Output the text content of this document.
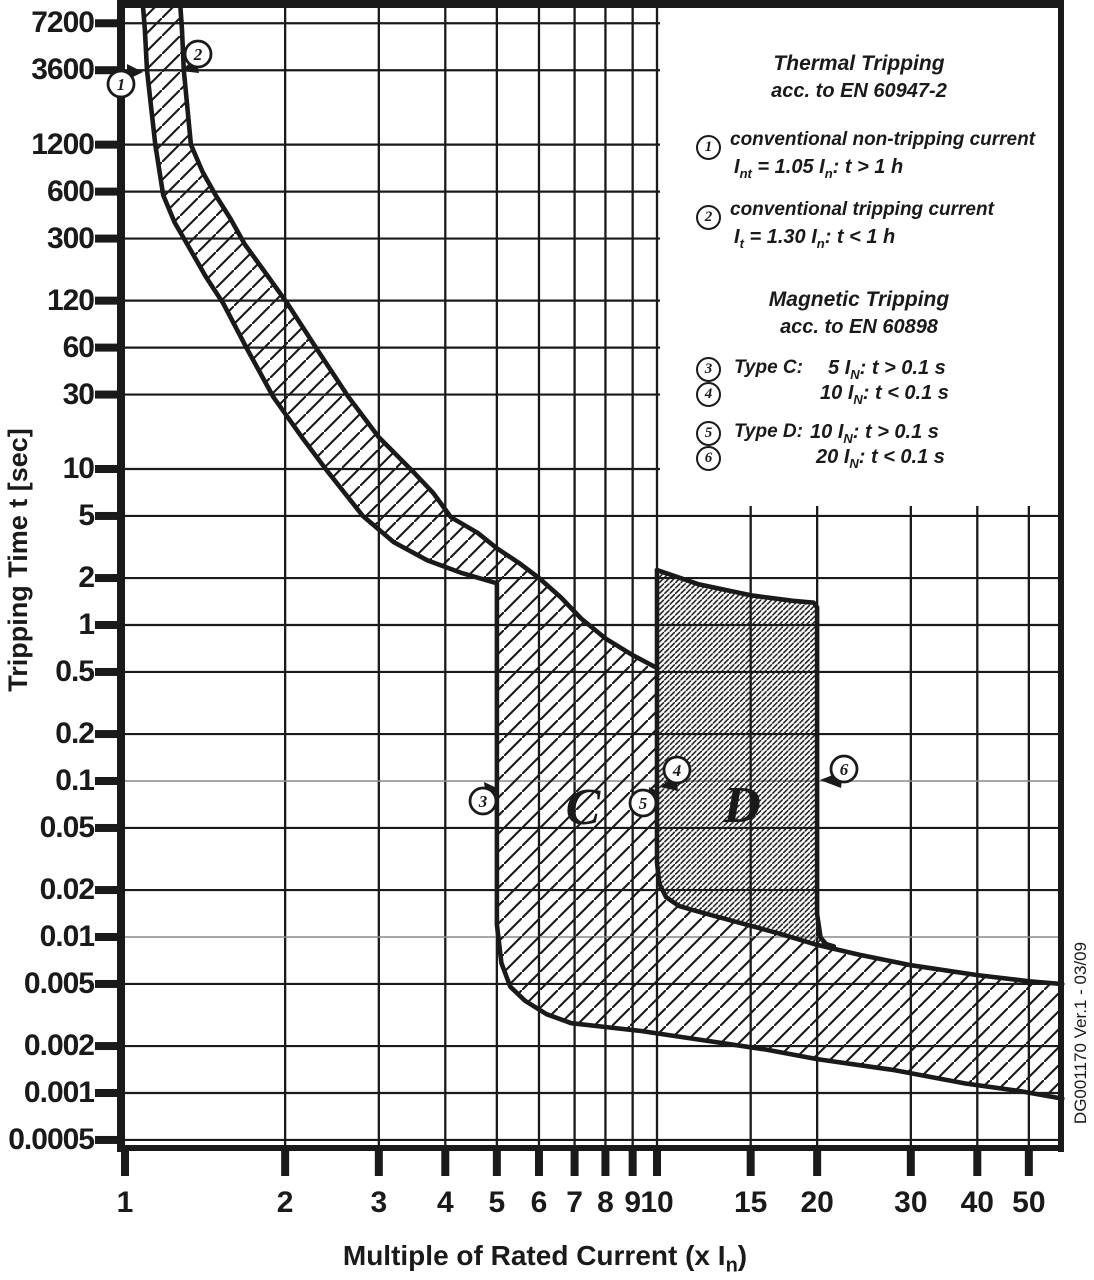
C D
1
2
3
4
5
6
7200
3600
1200
600
300
120
60
30
10
5
2
1
0.5
0.2
0.1
0.05
0.02
0.01
0.005
0.002
0.001
0.0005
1	2	3	4	5 6 7 8 9 10	15	20	30	40 50
Tripping Time t [sec]
Multiple of Rated Current (x $I_n$)
DG001170 Ver.1 - 03/09
Thermal Tripping
acc. to EN 60947-2
Magnetic Tripping
acc. to EN 60898
1 conventional non-tripping current
$I_{nt} = 1.05$ $I_n$: t > 1 h
2 conventional tripping current
$I_t = 1.30$ $I_n$: t < 1 h
3	Type C: 5 $I_N$: t > 0.1 s
4	10 $I_N$: t < 0.1 s
5	Type D: 10 $I_N$: t > 0.1 s
6	20 $I_N$: t < 0.1 s
